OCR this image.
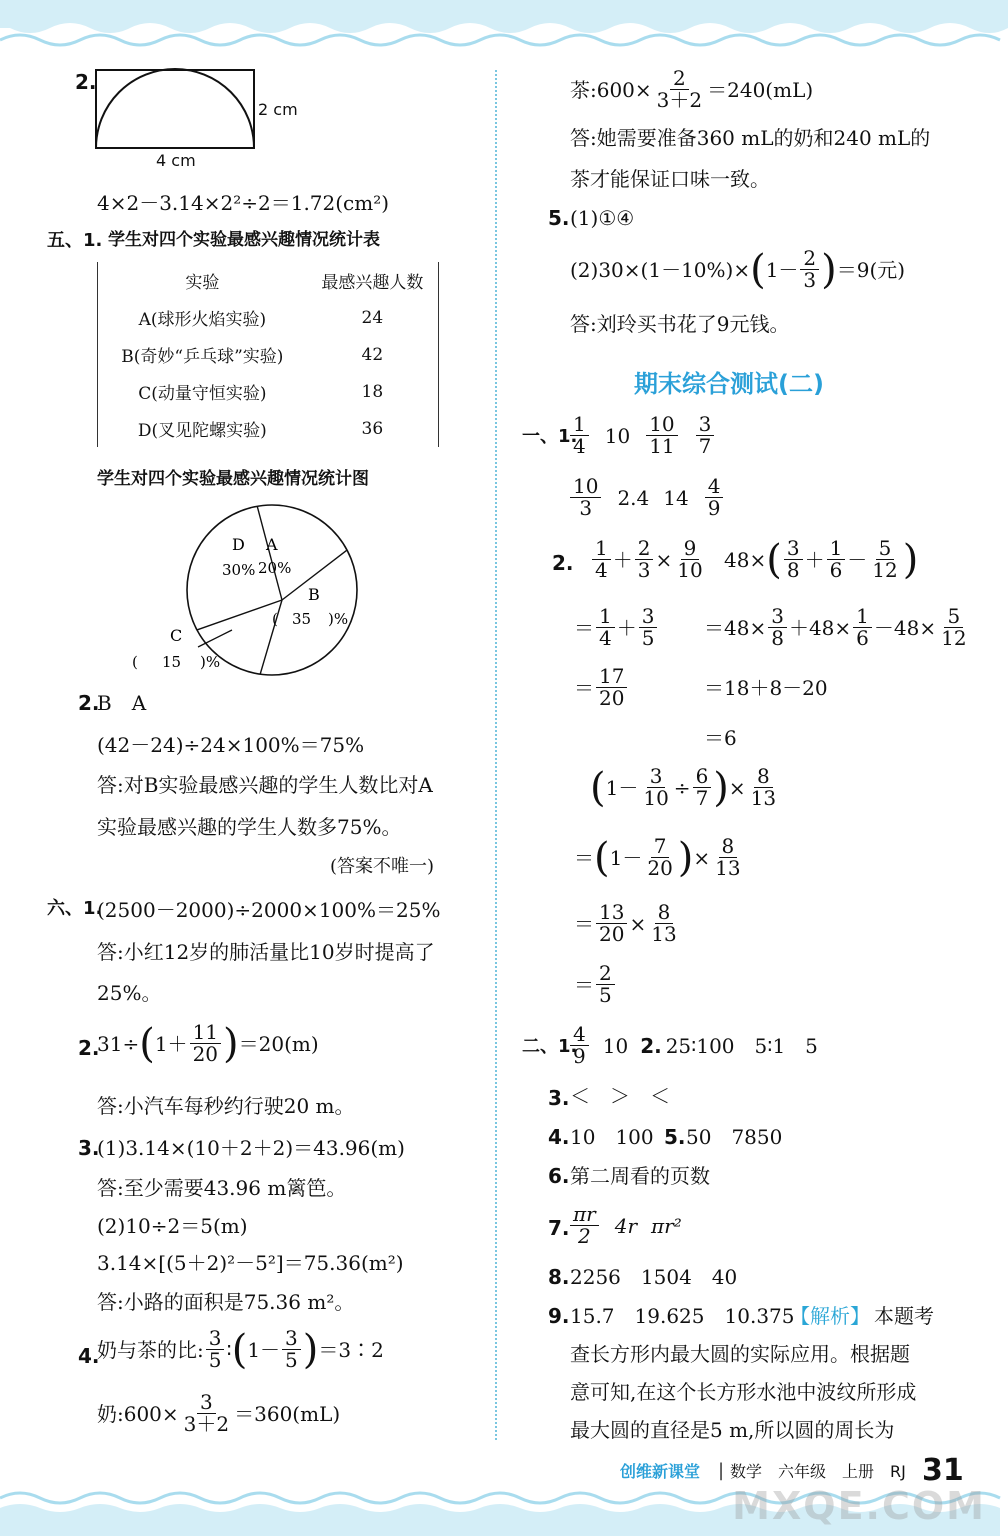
2.
2 cm
4 cm
4×2－3.14×2²÷2＝1.72(cm²)
五、1. 学生对四个实验最感兴趣情况统计表
实验	最感兴趣人数
A(球形火焰实验)	24
B(奇妙“乒乓球”实验)	42
C(动量守恒实验)	18
D(叉见陀螺实验)	36
学生对四个实验最感兴趣情况统计图
A
20%
B
( 35 )%
D
30%
C
( 15 )%
2.
B　A
(42－24)÷24×100%＝75%
答:对B实验最感兴趣的学生人数比对A
实验最感兴趣的学生人数多75%。
(答案不唯一)
六、1.
(2500－2000)÷2000×100%＝25%
答:小红12岁的肺活量比10岁时提高了
25%。
2.
31÷ ( 1＋ 11
20 ) ＝20(m)
答:小汽车每秒约行驶20 m。
3.
(1)3.14×(10＋2＋2)＝43.96(m)
答:至少需要43.96 m篱笆。
(2)10÷2＝5(m)
3.14×[(5＋2)²－5²]＝75.36(m²)
答:小路的面积是75.36 m²。
4.
奶与茶的比: 3
5 ∶ ( 1－ 3
5 ) ＝3∶2
奶:600× $\frac{3}{3+2} =360(mL)$
茶:600× $\frac{2}{3+2} =240(mL)$
答:她需要准备360 mL的奶和240 mL的
茶才能保证口味一致。
5. (1)①④
(2)30×(1－10%)× ( 1－ 2
3 ) ＝9(元)
答:刘玲买书花了9元钱。
期末综合测试(二)
一、1.
1
4 10 10
11
3
7
10
3 2.4 14 4
9
2.
1
$4 + \frac{2}{3} \times \frac{9}{10} 48\times$ ( 3
8 ＋ 1
6 － 5
12 )
＝ 1
4 ＋ 3
$5 =48\times \frac{3}{8} +48\times \frac{1}{6} -48\times \frac{5}{12}$
＝ 17
20	＝18＋8－20
＝6
( $1- \frac{3}{10} \div \frac{6}{7}$ ) × $\frac{8}{13}$
＝ ( 1－ 7
20 ) × $\frac{8}{13}$
＝ $\frac{13}{20} \times \frac{8}{13}$
＝ 2
5
二、1.
4
9 10 2. 25∶100　5∶1　5
3. ＜　＞　＜
4. 10　100 5. 50　7850
6. 第二周看的页数
7.
πr
2 4r πr²
8. 2256　1504　40
9. 15.7　19.625　10.375
【解析】 本题考
查长方形内最大圆的实际应用。根据题
意可知,在这个长方形水池中波纹所形成
最大圆的直径是5 m,所以圆的周长为
创维新课堂 | 数学　六年级　上册　RJ 31
MXQE.COM
